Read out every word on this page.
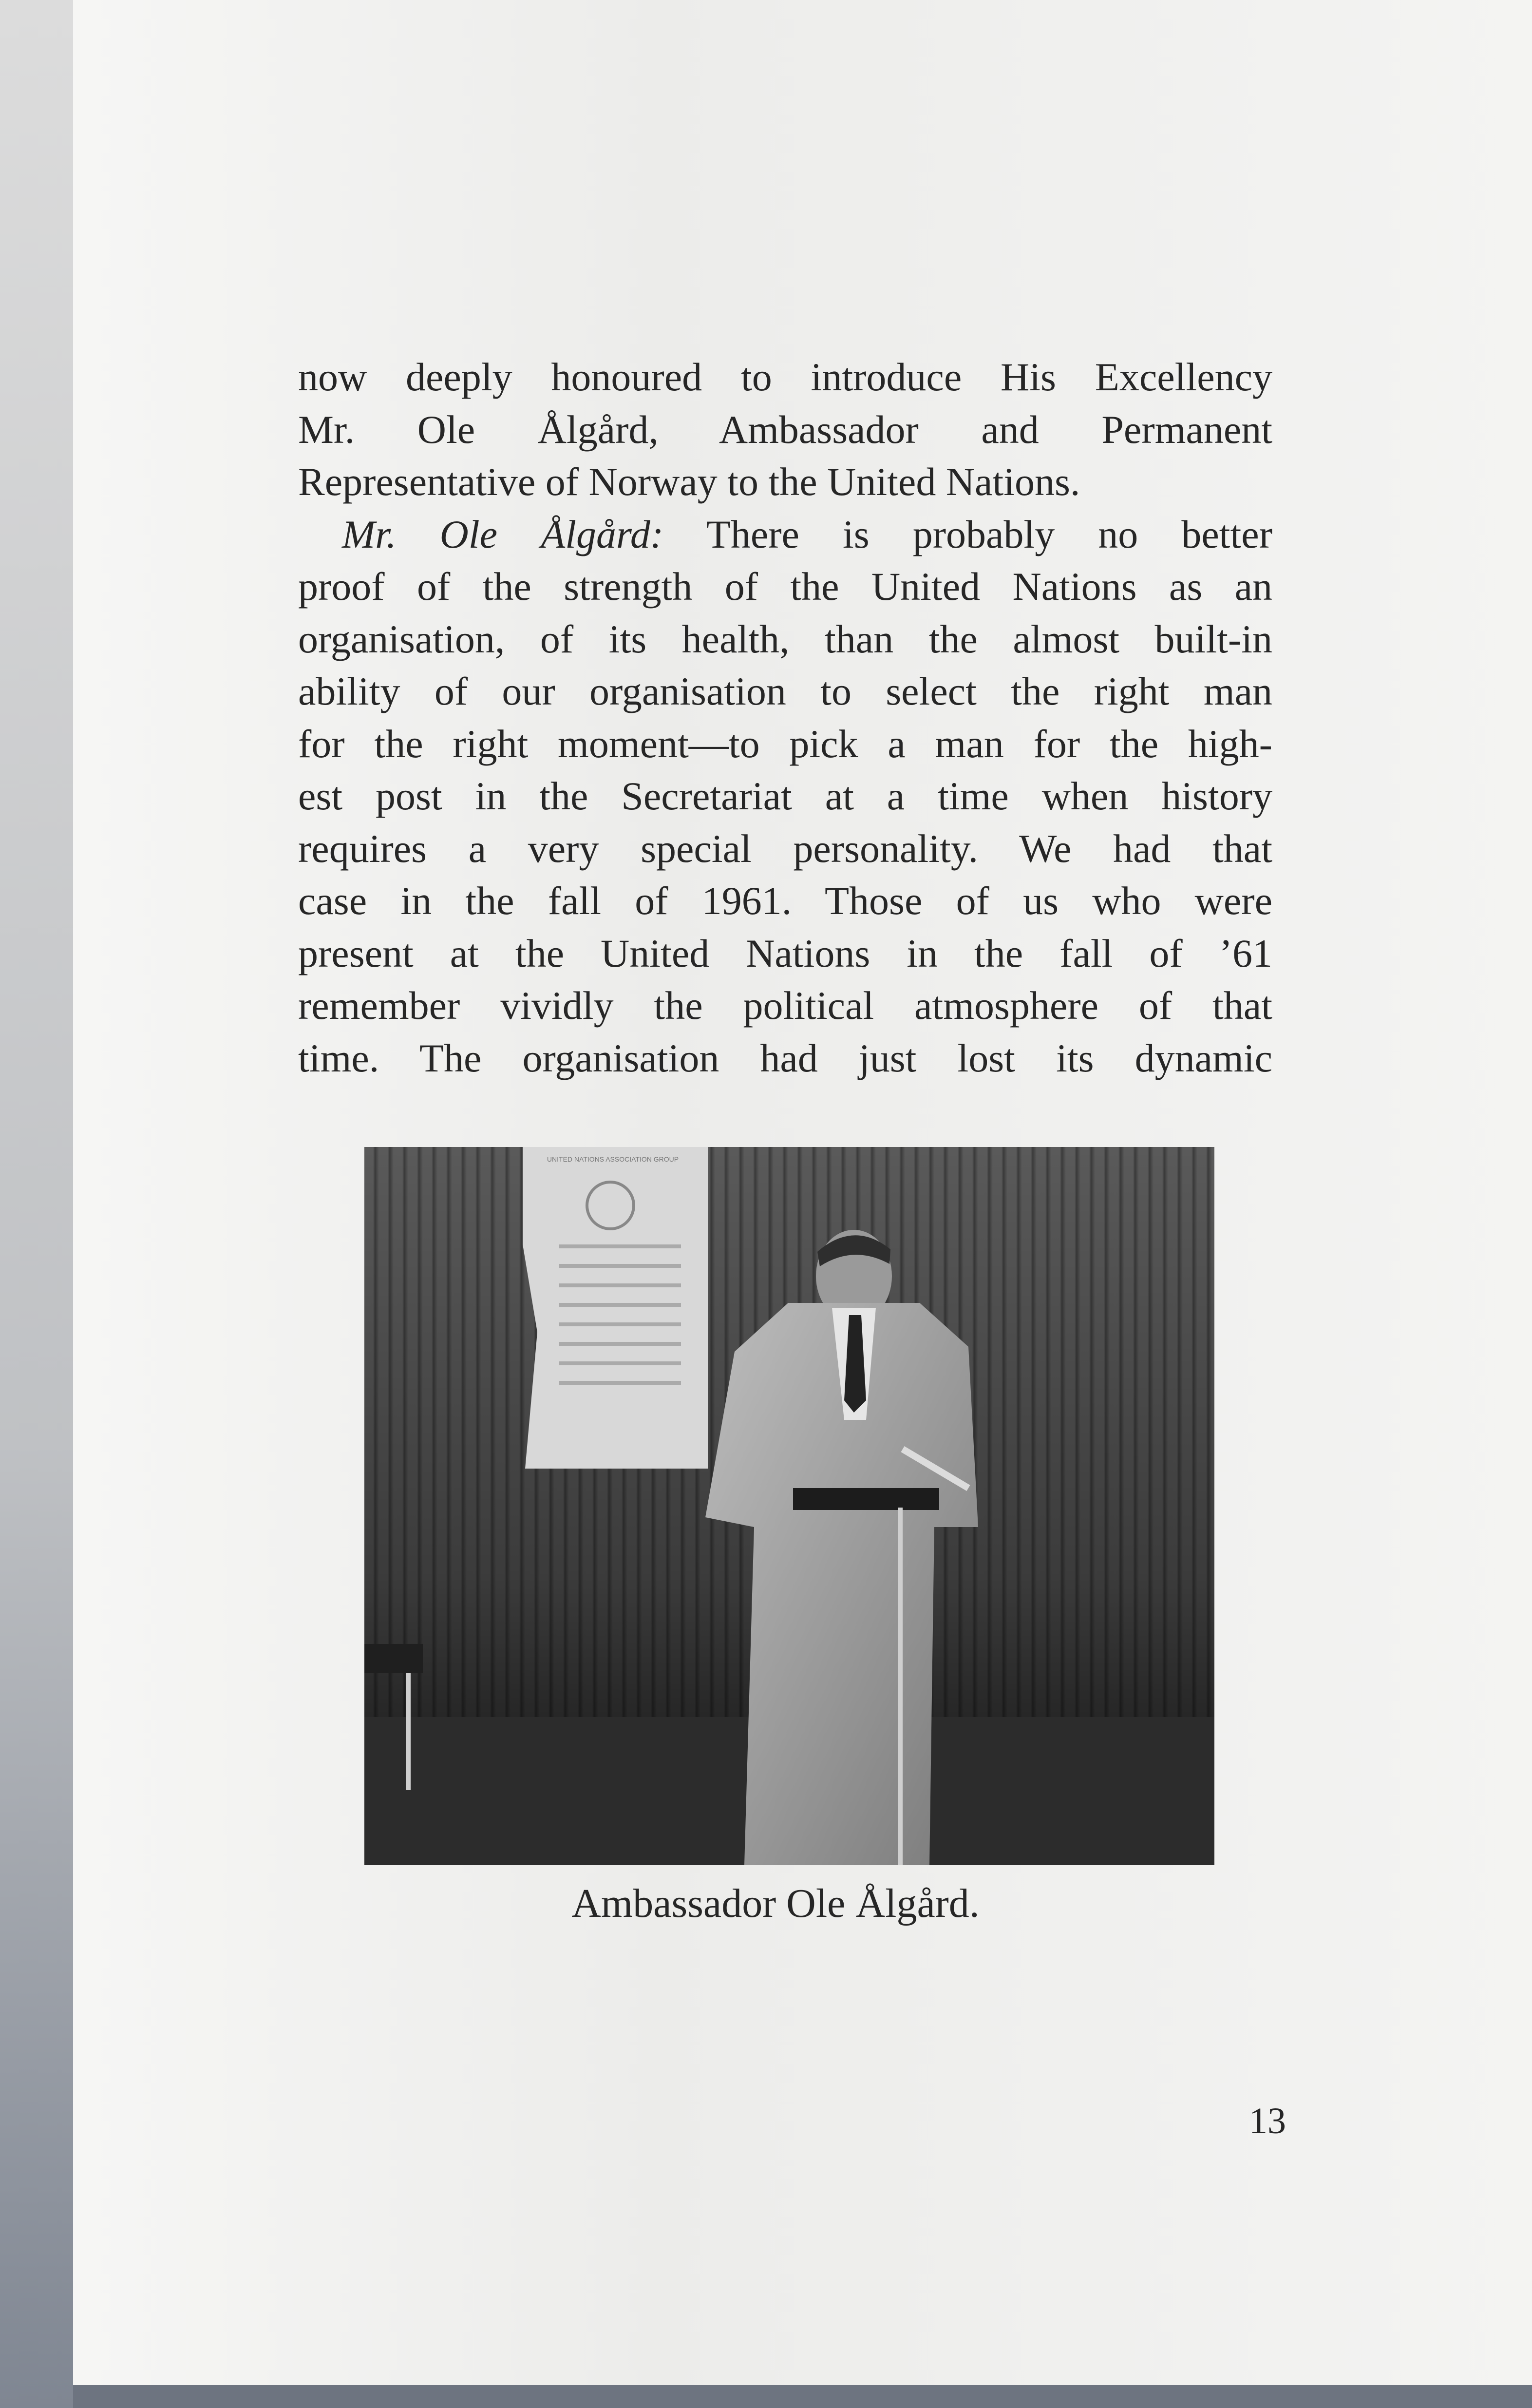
now deeply honoured to introduce His Excellency
Mr. Ole Ålgård, Ambassador and Permanent
Representative of Norway to the United Nations.
Mr. Ole Ålgård: There is probably no better
proof of the strength of the United Nations as an
organisation, of its health, than the almost built-in
ability of our organisation to select the right man
for the right moment—to pick a man for the high-
est post in the Secretariat at a time when history
requires a very special personality. We had that
case in the fall of 1961. Those of us who were
present at the United Nations in the fall of ’61
remember vividly the political atmosphere of that
time. The organisation had just lost its dynamic
UNITED NATIONS ASSOCIATION GROUP
Ambassador Ole Ålgård.
13
